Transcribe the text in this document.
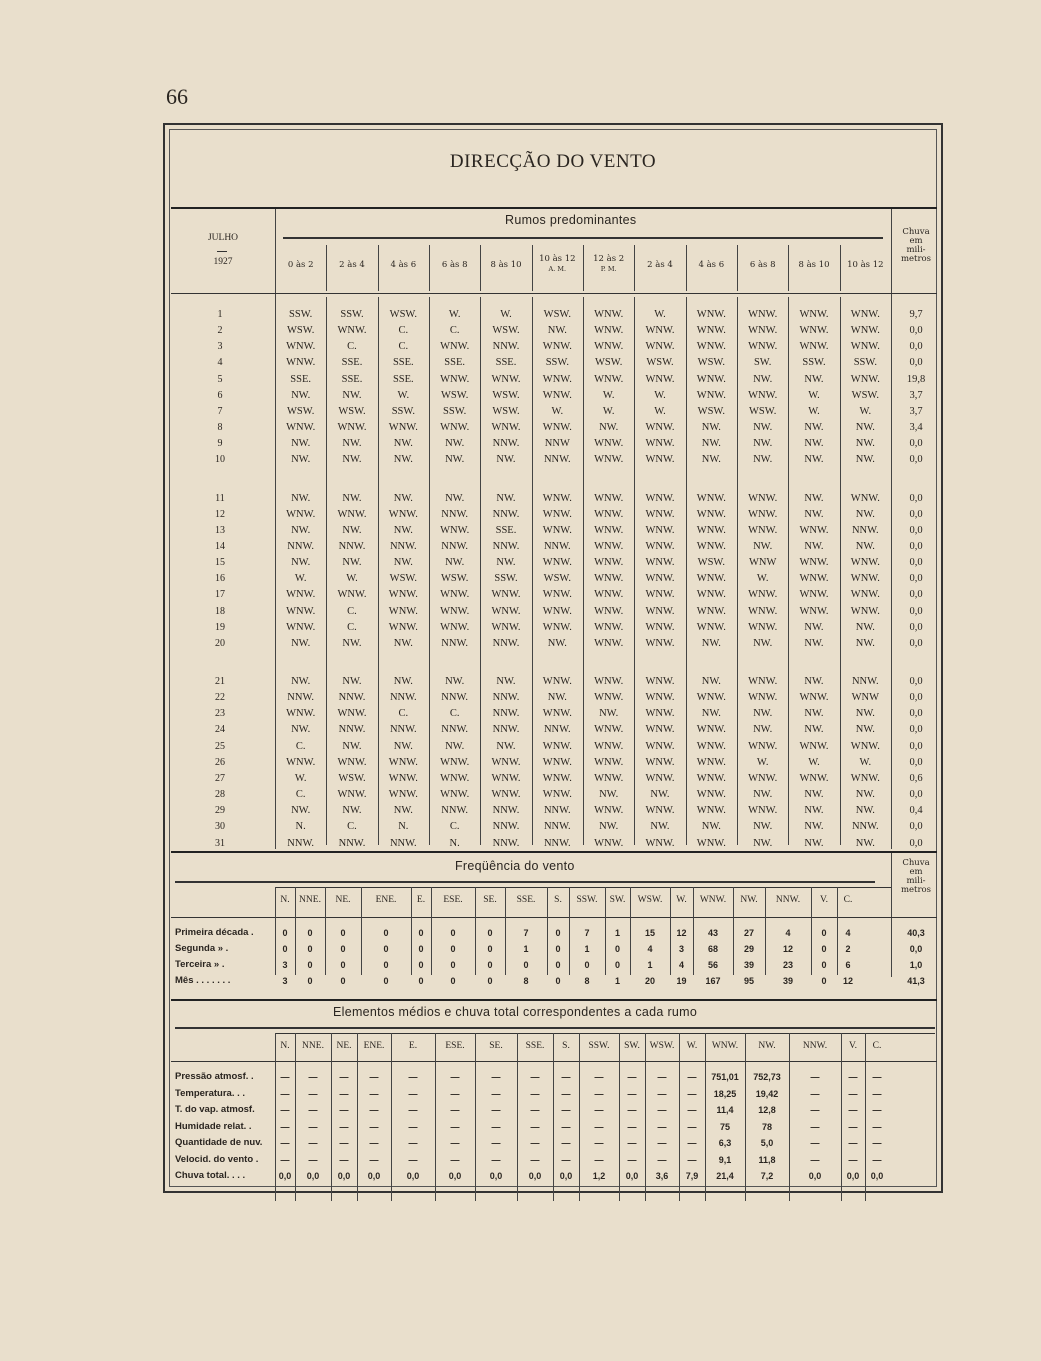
66
DIRECÇÃO DO VENTO
Rumos predominantes
JULHO
1927
Chuva
em
mili-
metros
0 às 2	2 às 4	4 às 6	6 às 8	8 às 10
10 às 12
A. M.
12 às 2
P. M.	2 às 4	4 às 6	6 às 8	8 às 10	10 às 12
1	SSW.	SSW.	WSW.	W.	W.	WSW.	WNW.	W.	WNW.	WNW.	WNW.	WNW.	9,7
2	WSW.	WNW.	C.	C.	WSW.	NW.	WNW.	WNW.	WNW.	WNW.	WNW.	WNW.	0,0
3	WNW.	C.	C.	WNW.	NNW.	WNW.	WNW.	WNW.	WNW.	WNW.	WNW.	WNW.	0,0
4	WNW.	SSE.	SSE.	SSE.	SSE.	SSW.	WSW.	WSW.	WSW.	SW.	SSW.	SSW.	0,0
5	SSE.	SSE.	SSE.	WNW.	WNW.	WNW.	WNW.	WNW.	WNW.	NW.	NW.	WNW.	19,8
6	NW.	NW.	W.	WSW.	WSW.	WNW.	W.	W.	WNW.	WNW.	W.	WSW.	3,7
7	WSW.	WSW.	SSW.	SSW.	WSW.	W.	W.	W.	WSW.	WSW.	W.	W.	3,7
8	WNW.	WNW.	WNW.	WNW.	WNW.	WNW.	NW.	WNW.	NW.	NW.	NW.	NW.	3,4
9	NW.	NW.	NW.	NW.	NNW.	NNW	WNW.	WNW.	NW.	NW.	NW.	NW.	0,0
10	NW.	NW.	NW.	NW.	NW.	NNW.	WNW.	WNW.	NW.	NW.	NW.	NW.	0,0
11	NW.	NW.	NW.	NW.	NW.	WNW.	WNW.	WNW.	WNW.	WNW.	NW.	WNW.	0,0
12	WNW.	WNW.	WNW.	NNW.	NNW.	WNW.	WNW.	WNW.	WNW.	WNW.	NW.	NW.	0,0
13	NW.	NW.	NW.	WNW.	SSE.	WNW.	WNW.	WNW.	WNW.	WNW.	WNW.	NNW.	0,0
14	NNW.	NNW.	NNW.	NNW.	NNW.	NNW.	WNW.	WNW.	WNW.	NW.	NW.	NW.	0,0
15	NW.	NW.	NW.	NW.	NW.	WNW.	WNW.	WNW.	WSW.	WNW	WNW.	WNW.	0,0
16	W.	W.	WSW.	WSW.	SSW.	WSW.	WNW.	WNW.	WNW.	W.	WNW.	WNW.	0,0
17	WNW.	WNW.	WNW.	WNW.	WNW.	WNW.	WNW.	WNW.	WNW.	WNW.	WNW.	WNW.	0,0
18	WNW.	C.	WNW.	WNW.	WNW.	WNW.	WNW.	WNW.	WNW.	WNW.	WNW.	WNW.	0,0
19	WNW.	C.	WNW.	WNW.	WNW.	WNW.	WNW.	WNW.	WNW.	WNW.	NW.	NW.	0,0
20	NW.	NW.	NW.	NNW.	NNW.	NW.	WNW.	WNW.	NW.	NW.	NW.	NW.	0,0
21	NW.	NW.	NW.	NW.	NW.	WNW.	WNW.	WNW.	NW.	WNW.	NW.	NNW.	0,0
22	NNW.	NNW.	NNW.	NNW.	NNW.	NW.	WNW.	WNW.	WNW.	WNW.	WNW.	WNW	0,0
23	WNW.	WNW.	C.	C.	NNW.	WNW.	NW.	WNW.	NW.	NW.	NW.	NW.	0,0
24	NW.	NNW.	NNW.	NNW.	NNW.	NNW.	WNW.	WNW.	WNW.	NW.	NW.	NW.	0,0
25	C.	NW.	NW.	NW.	NW.	WNW.	WNW.	WNW.	WNW.	WNW.	WNW.	WNW.	0,0
26	WNW.	WNW.	WNW.	WNW.	WNW.	WNW.	WNW.	WNW.	WNW.	W.	W.	W.	0,0
27	W.	WSW.	WNW.	WNW.	WNW.	WNW.	WNW.	WNW.	WNW.	WNW.	WNW.	WNW.	0,6
28	C.	WNW.	WNW.	WNW.	WNW.	WNW.	NW.	NW.	WNW.	NW.	NW.	NW.	0,0
29	NW.	NW.	NW.	NNW.	NNW.	NNW.	WNW.	WNW.	WNW.	WNW.	NW.	NW.	0,4
30	N.	C.	N.	C.	NNW.	NNW.	NW.	NW.	NW.	NW.	NW.	NNW.	0,0
31	NNW.	NNW.	NNW.	N.	NNW.	NNW.	WNW.	WNW.	WNW.	NW.	NW.	NW.	0,0
Freqüência do vento	Chuva
em
mili-
metros
N. NNE.	NE.	ENE.	E.	ESE.	SE.	SSE.	S.	SSW.	SW.	WSW.	W.	WNW.	NW.	NNW.	V.	C.
Primeira década .	0	0	0	0	0	0	0	7	0	7	1	15	12	43	27	4	0	4	40,3
Segunda » .	0	0	0	0	0	0	0	1	0	1	0	4	3	68	29	12	0	2	0,0
Terceira » .	3	0	0	0	0	0	0	0	0	0	0	1	4	56	39	23	0	6	1,0
Mês . . . . . . .	3	0	0	0	0	0	0	8	0	8	1	20	19	167	95	39	0	12	41,3
Elementos médios e chuva total correspondentes a cada rumo
N.	NNE.	NE.	ENE.	E.	ESE.	SE.	SSE.	S.	SSW.	SW.	WSW.	W.	WNW.	NW.	NNW.	V.	C.
Pressão atmosf. .	—	—	—	—	—	—	—	—	—	—	—	—	—	751,01	752,73	—	—	—
Temperatura. . .	—	—	—	—	—	—	—	—	—	—	—	—	—	18,25	19,42	—	—	—
T. do vap. atmosf.	—	—	—	—	—	—	—	—	—	—	—	—	—	11,4	12,8	—	—	—
Humidade relat. .	—	—	—	—	—	—	—	—	—	—	—	—	—	75	78	—	—	—
Quantidade de nuv.	—	—	—	—	—	—	—	—	—	—	—	—	—	6,3	5,0	—	—	—
Velocid. do vento .	—	—	—	—	—	—	—	—	—	—	—	—	—	9,1	11,8	—	—	—
Chuva total. . . .	0,0	0,0	0,0	0,0	0,0	0,0	0,0	0,0	0,0	1,2	0,0	3,6	7,9	21,4	7,2	0,0	0,0	0,0
